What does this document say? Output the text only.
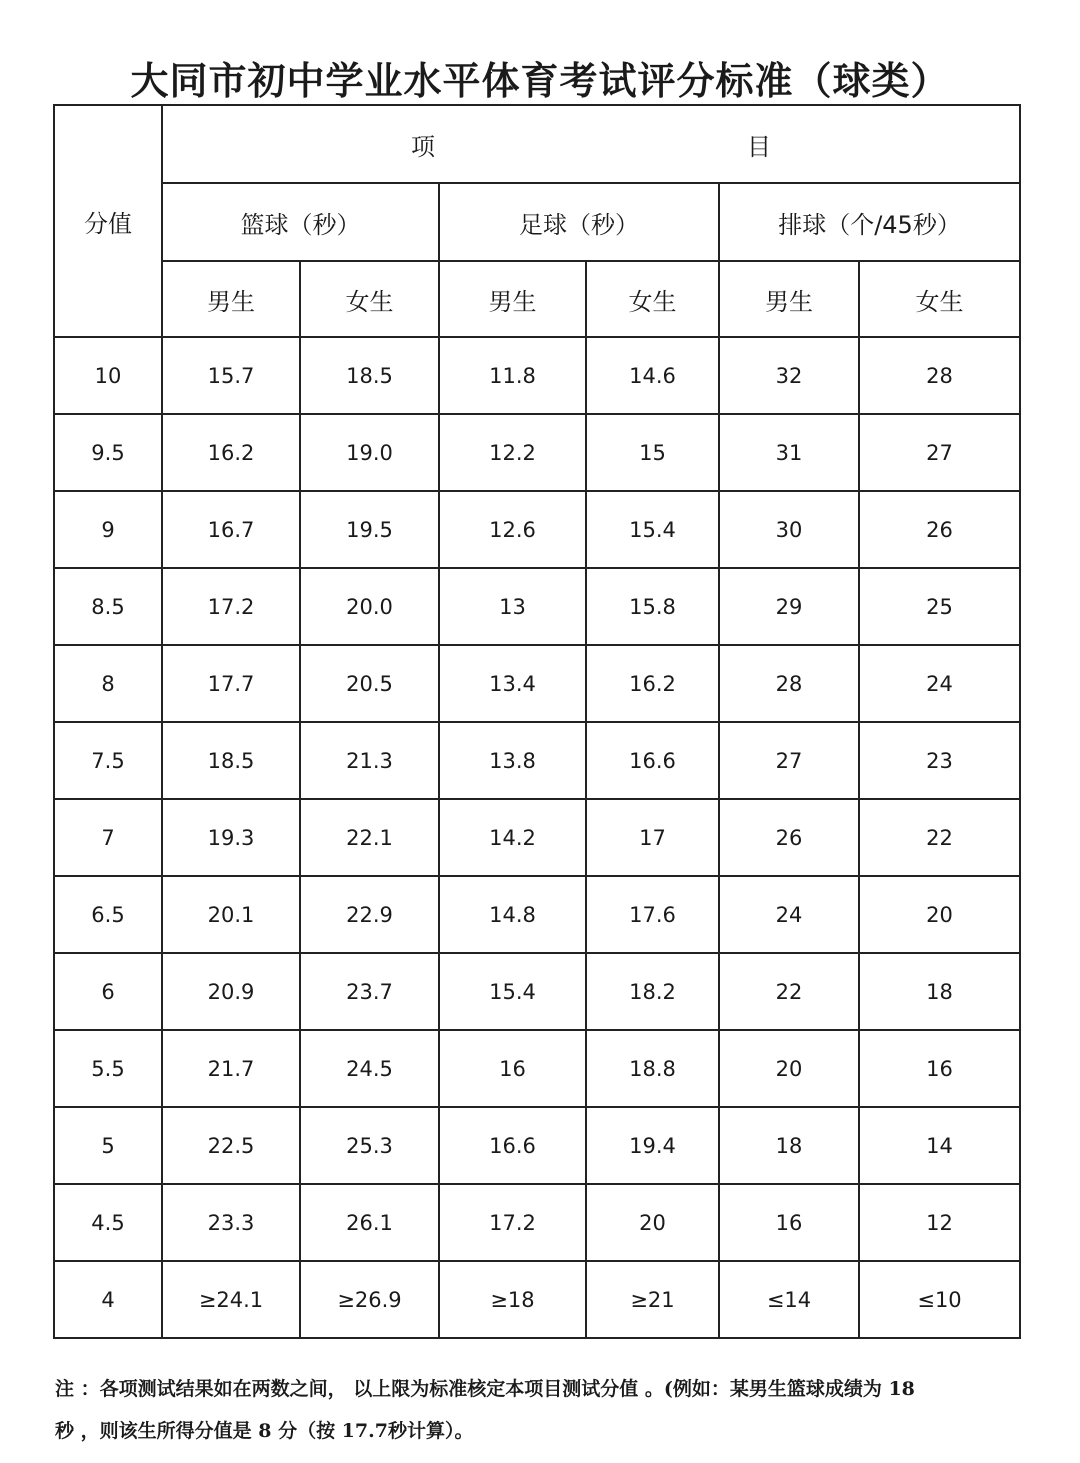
大同市初中学业水平体育考试评分标准（球类）
分值	项　　　　　　　　　　　　　目					
	篮球（秒）		足球（秒）		排球（个/45秒）	
	男生	女生	男生	女生	男生	女生
10	15.7	18.5	11.8	14.6	32	28
9.5	16.2	19.0	12.2	15	31	27
9	16.7	19.5	12.6	15.4	30	26
8.5	17.2	20.0	13	15.8	29	25
8	17.7	20.5	13.4	16.2	28	24
7.5	18.5	21.3	13.8	16.6	27	23
7	19.3	22.1	14.2	17	26	22
6.5	20.1	22.9	14.8	17.6	24	20
6	20.9	23.7	15.4	18.2	22	18
5.5	21.7	24.5	16	18.8	20	16
5	22.5	25.3	16.6	19.4	18	14
4.5	23.3	26.1	17.2	20	16	12
4	≥24.1	≥26.9	≥18	≥21	≤14	≤10
注 ：各项测试结果如在两数之间， 以上限为标准核定本项目测试分值 。(例如：某男生篮球成绩为 18
秒 ，则该生所得分值是 8 分（按 17.7秒计算）。
